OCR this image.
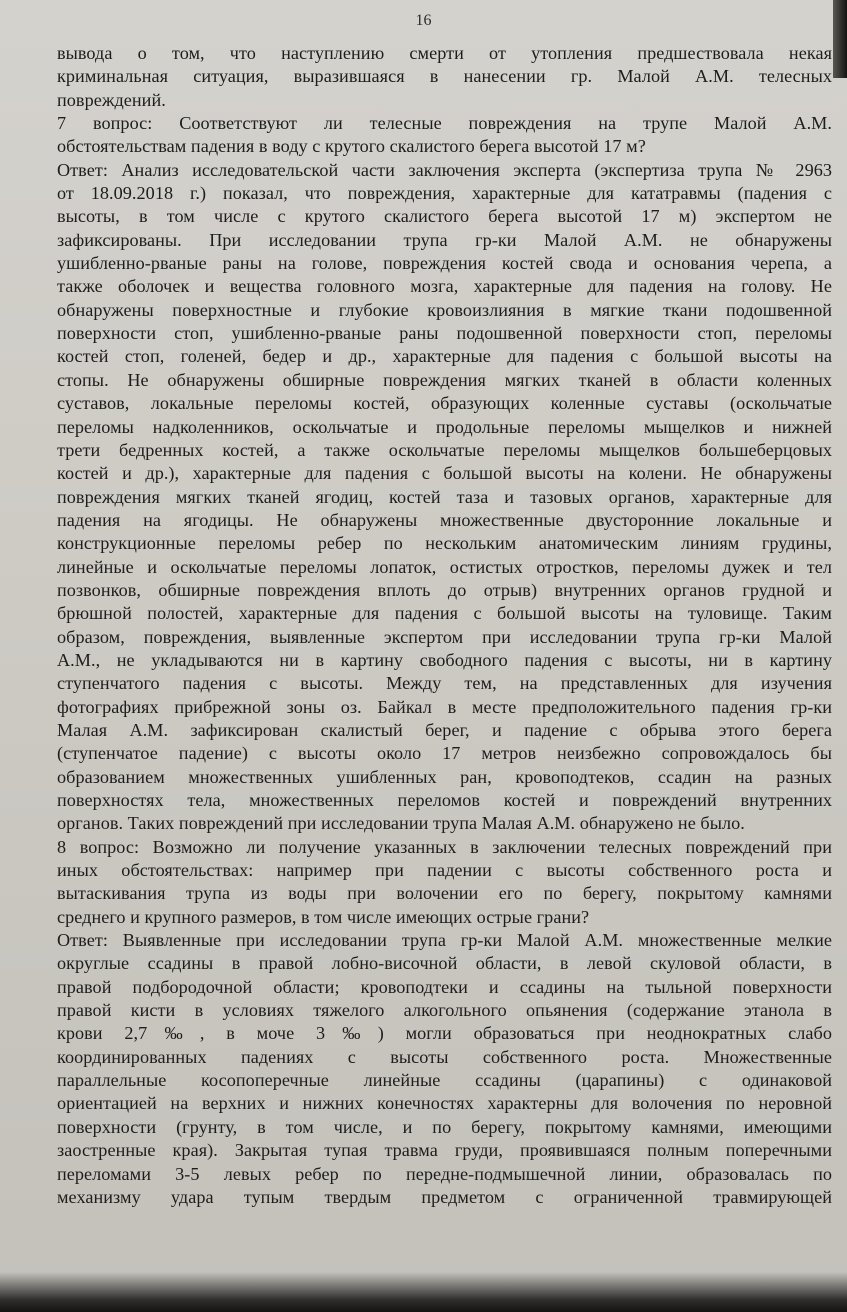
16
вывода о том, что наступлению смерти от утопления предшествовала некая
криминальная ситуация, выразившаяся в нанесении гр. Малой А.М. телесных
повреждений.
7 вопрос: Соответствуют ли телесные повреждения на трупе Малой А.М.
обстоятельствам падения в воду с крутого скалистого берега высотой 17 м?
Ответ: Анализ исследовательской части заключения эксперта (экспертиза трупа № 2963
от 18.09.2018 г.) показал, что повреждения, характерные для кататравмы (падения с
высоты, в том числе с крутого скалистого берега высотой 17 м) экспертом не
зафиксированы. При исследовании трупа гр-ки Малой А.М. не обнаружены
ушибленно-рваные раны на голове, повреждения костей свода и основания черепа, а
также оболочек и вещества головного мозга, характерные для падения на голову. Не
обнаружены поверхностные и глубокие кровоизлияния в мягкие ткани подошвенной
поверхности стоп, ушибленно-рваные раны подошвенной поверхности стоп, переломы
костей стоп, голеней, бедер и др., характерные для падения с большой высоты на
стопы. Не обнаружены обширные повреждения мягких тканей в области коленных
суставов, локальные переломы костей, образующих коленные суставы (оскольчатые
переломы надколенников, оскольчатые и продольные переломы мыщелков и нижней
трети бедренных костей, а также оскольчатые переломы мыщелков большеберцовых
костей и др.), характерные для падения с большой высоты на колени. Не обнаружены
повреждения мягких тканей ягодиц, костей таза и тазовых органов, характерные для
падения на ягодицы. Не обнаружены множественные двусторонние локальные и
конструкционные переломы ребер по нескольким анатомическим линиям грудины,
линейные и оскольчатые переломы лопаток, остистых отростков, переломы дужек и тел
позвонков, обширные повреждения вплоть до отрыв) внутренних органов грудной и
брюшной полостей, характерные для падения с большой высоты на туловище. Таким
образом, повреждения, выявленные экспертом при исследовании трупа гр-ки Малой
А.М., не укладываются ни в картину свободного падения с высоты, ни в картину
ступенчатого падения с высоты. Между тем, на представленных для изучения
фотографиях прибрежной зоны оз. Байкал в месте предположительного падения гр-ки
Малая А.М. зафиксирован скалистый берег, и падение с обрыва этого берега
(ступенчатое падение) с высоты около 17 метров неизбежно сопровождалось бы
образованием множественных ушибленных ран, кровоподтеков, ссадин на разных
поверхностях тела, множественных переломов костей и повреждений внутренних
органов. Таких повреждений при исследовании трупа Малая А.М. обнаружено не было.
8 вопрос: Возможно ли получение указанных в заключении телесных повреждений при
иных обстоятельствах: например при падении с высоты собственного роста и
вытаскивания трупа из воды при волочении его по берегу, покрытому камнями
среднего и крупного размеров, в том числе имеющих острые грани?
Ответ: Выявленные при исследовании трупа гр-ки Малой А.М. множественные мелкие
округлые ссадины в правой лобно-височной области, в левой скуловой области, в
правой подбородочной области; кровоподтеки и ссадины на тыльной поверхности
правой кисти в условиях тяжелого алкогольного опьянения (содержание этанола в
крови 2,7‰, в моче 3‰) могли образоваться при неоднократных слабо
координированных падениях с высоты собственного роста. Множественные
параллельные косопоперечные линейные ссадины (царапины) с одинаковой
ориентацией на верхних и нижних конечностях характерны для волочения по неровной
поверхности (грунту, в том числе, и по берегу, покрытому камнями, имеющими
заостренные края). Закрытая тупая травма груди, проявившаяся полным поперечными
переломами 3-5 левых ребер по передне-подмышечной линии, образовалась по
механизму удара тупым твердым предметом с ограниченной травмирующей
